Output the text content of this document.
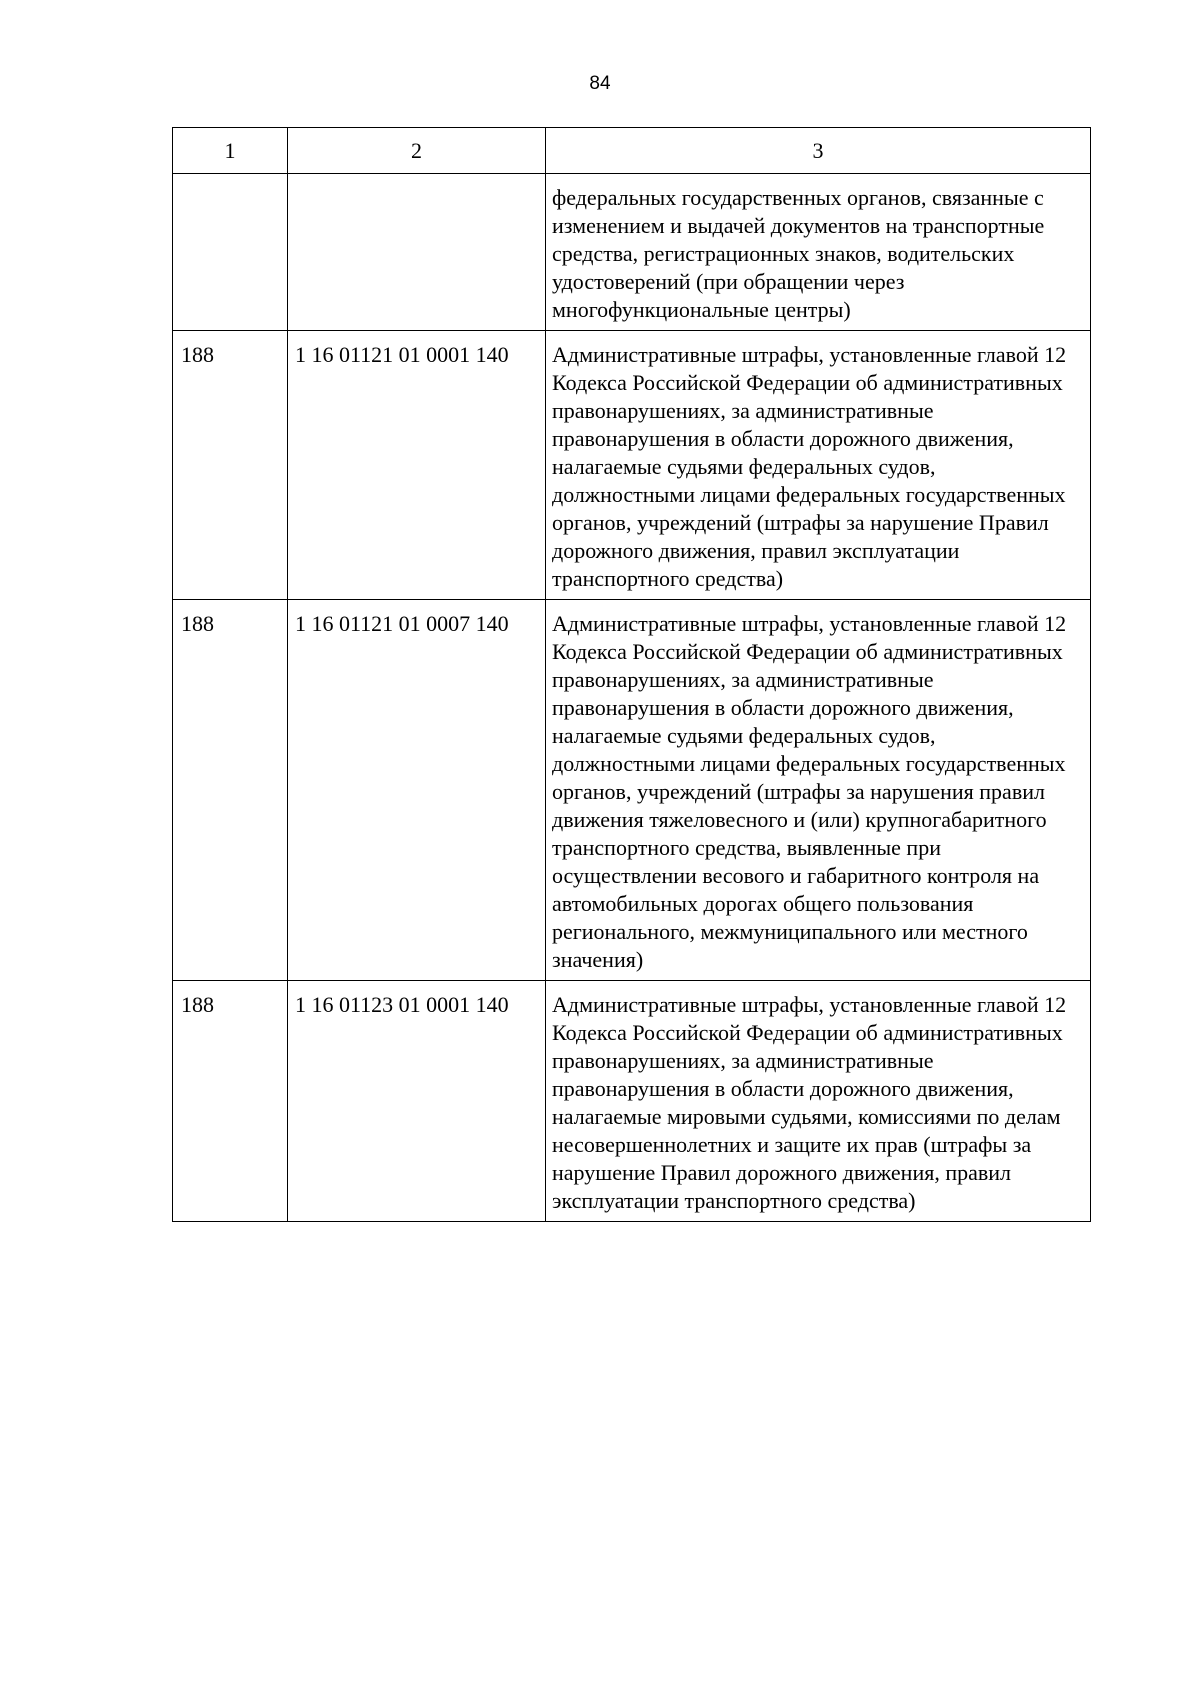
84
1	2	3
		федеральных государственных органов, связанные с изменением и выдачей документов на транспортные средства, регистрационных знаков, водительских удостоверений (при обращении через многофункциональные центры)
188	1 16 01121 01 0001 140	Административные штрафы, установленные главой 12 Кодекса Российской Федерации об административных правонарушениях, за административные правонарушения в области дорожного движения, налагаемые судьями федеральных судов, должностными лицами федеральных государственных органов, учреждений (штрафы за нарушение Правил дорожного движения, правил эксплуатации транспортного средства)
188	1 16 01121 01 0007 140	Административные штрафы, установленные главой 12 Кодекса Российской Федерации об административных правонарушениях, за административные правонарушения в области дорожного движения, налагаемые судьями федеральных судов, должностными лицами федеральных государственных органов, учреждений (штрафы за нарушения правил движения тяжеловесного и (или) крупногабаритного транспортного средства, выявленные при осуществлении весового и габаритного контроля на автомобильных дорогах общего пользования регионального, межмуниципального или местного значения)
188	1 16 01123 01 0001 140	Административные штрафы, установленные главой 12 Кодекса Российской Федерации об административных правонарушениях, за административные правонарушения в области дорожного движения, налагаемые мировыми судьями, комиссиями по делам несовершеннолетних и защите их прав (штрафы за нарушение Правил дорожного движения, правил эксплуатации транспортного средства)
